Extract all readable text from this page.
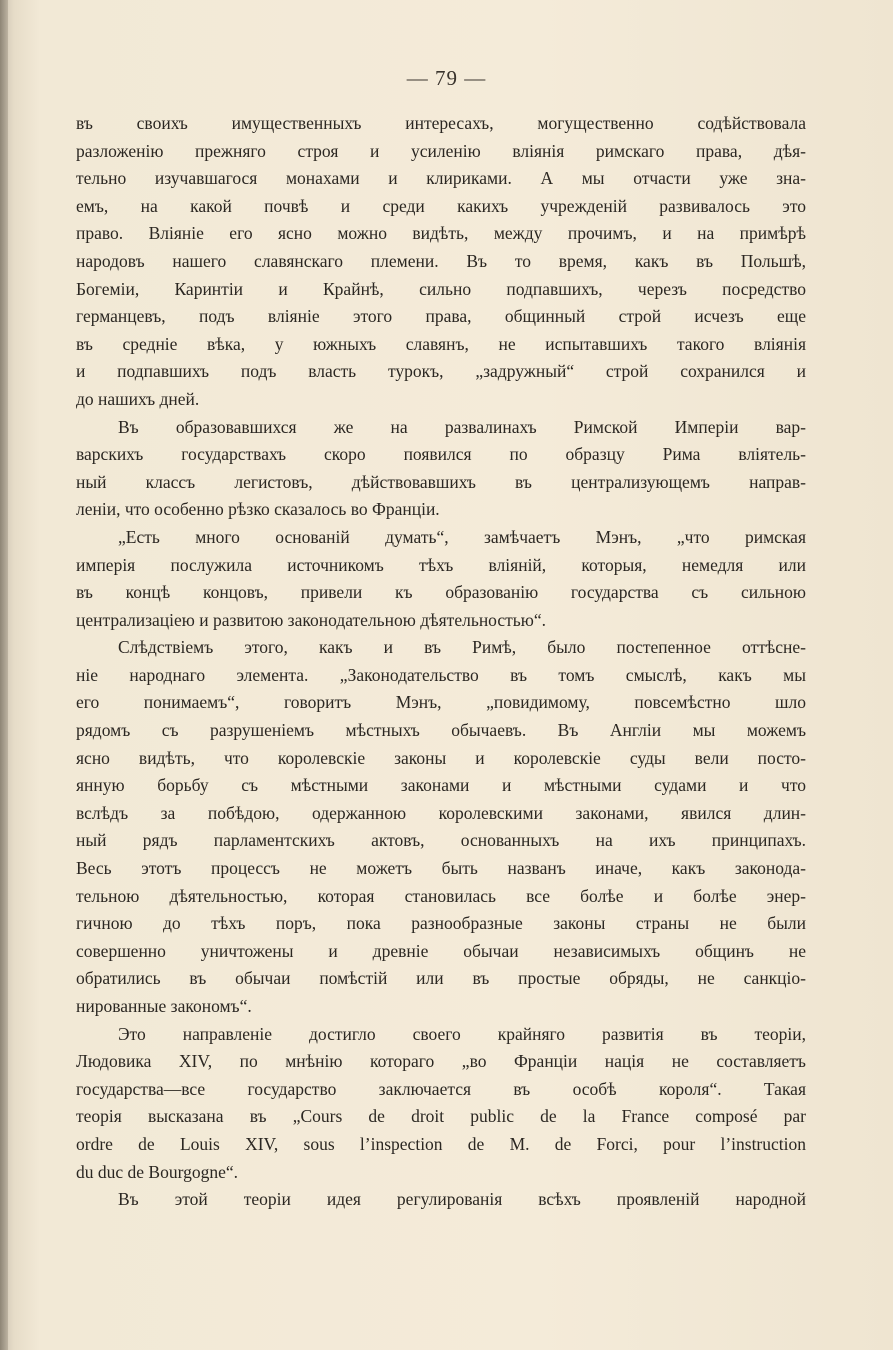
— 79 —
въ своихъ имущественныхъ интересахъ, могущественно содѣйствовала
разложенію прежняго строя и усиленію вліянія римскаго права, дѣя-
тельно изучавшагося монахами и клириками. А мы отчасти уже зна-
емъ, на какой почвѣ и среди какихъ учрежденій развивалось это
право. Вліяніе его ясно можно видѣть, между прочимъ, и на примѣрѣ
народовъ нашего славянскаго племени. Въ то время, какъ въ Польшѣ,
Богеміи, Каринтіи и Крайнѣ, сильно подпавшихъ, черезъ посредство
германцевъ, подъ вліяніе этого права, общинный строй исчезъ еще
въ средніе вѣка, у южныхъ славянъ, не испытавшихъ такого вліянія
и подпавшихъ подъ власть турокъ, „задружный“ строй сохранился и
до нашихъ дней.
Въ образовавшихся же на развалинахъ Римской Имперіи вар-
варскихъ государствахъ скоро появился по образцу Рима вліятель-
ный классъ легистовъ, дѣйствовавшихъ въ централизующемъ направ-
леніи, что особенно рѣзко сказалось во Франціи.
„Есть много основаній думать“, замѣчаетъ Мэнъ, „что римская
имперія послужила источникомъ тѣхъ вліяній, которыя, немедля или
въ концѣ концовъ, привели къ образованію государства съ сильною
централизаціею и развитою законодательною дѣятельностью“.
Слѣдствіемъ этого, какъ и въ Римѣ, было постепенное оттѣсне-
ніе народнаго элемента. „Законодательство въ томъ смыслѣ, какъ мы
его понимаемъ“, говоритъ Мэнъ, „повидимому, повсемѣстно шло
рядомъ съ разрушеніемъ мѣстныхъ обычаевъ. Въ Англіи мы можемъ
ясно видѣть, что королевскіе законы и королевскіе суды вели посто-
янную борьбу съ мѣстными законами и мѣстными судами и что
вслѣдъ за побѣдою, одержанною королевскими законами, явился длин-
ный рядъ парламентскихъ актовъ, основанныхъ на ихъ принципахъ.
Весь этотъ процессъ не можетъ быть названъ иначе, какъ законода-
тельною дѣятельностью, которая становилась все болѣе и болѣе энер-
гичною до тѣхъ поръ, пока разнообразные законы страны не были
совершенно уничтожены и древніе обычаи независимыхъ общинъ не
обратились въ обычаи помѣстій или въ простые обряды, не санкціо-
нированные закономъ“.
Это направленіе достигло своего крайняго развитія въ теоріи,
Людовика XIV, по мнѣнію котораго „во Франціи нація не составляетъ
государства—все государство заключается въ особѣ короля“. Такая
теорія высказана въ „Cours de droit public de la France composé par
ordre de Louis XIV, sous l’inspection de M. de Forci, pour l’instruction
du duc de Bourgogne“.
Въ этой теоріи идея регулированія всѣхъ проявленій народной
